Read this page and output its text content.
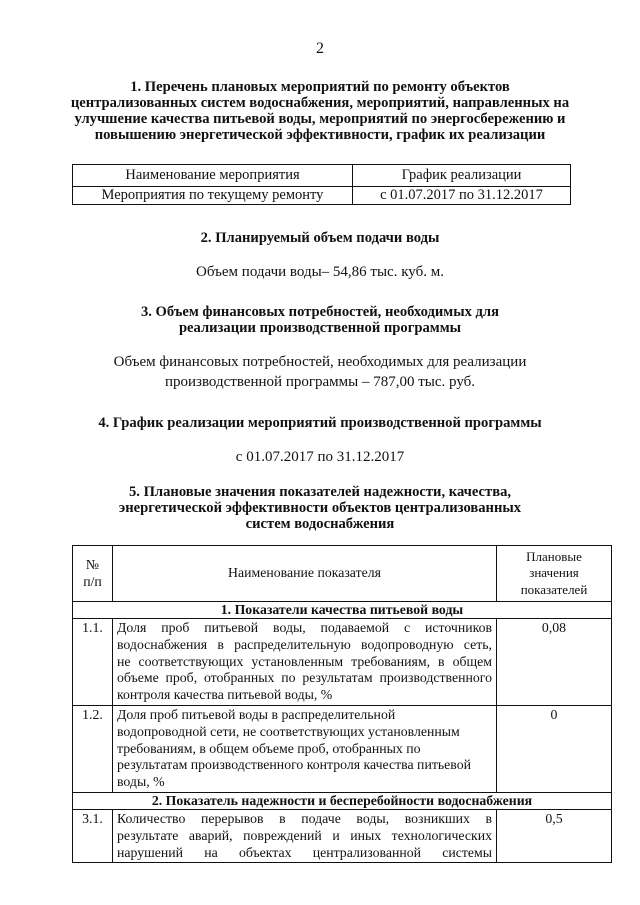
2
1. Перечень плановых мероприятий по ремонту объектов
централизованных систем водоснабжения, мероприятий, направленных на
улучшение качества питьевой воды, мероприятий по энергосбережению и
повышению энергетической эффективности, график их реализации
Наименование мероприятия	График реализации
Мероприятия по текущему ремонту	с 01.07.2017 по 31.12.2017
2. Планируемый объем подачи воды
Объем подачи воды– 54,86 тыс. куб. м.
3. Объем финансовых потребностей, необходимых для
реализации производственной программы
Объем финансовых потребностей, необходимых для реализации
производственной программы – 787,00 тыс. руб.
4. График реализации мероприятий производственной программы
с 01.07.2017 по 31.12.2017
5. Плановые значения показателей надежности, качества,
энергетической эффективности объектов централизованных
систем водоснабжения
№
п/п	Наименование показателя	Плановые
значения
показателей

1. Показатели качества питьевой воды		
1.1.	Доля проб питьевой воды, подаваемой с источников
водоснабжения в распределительную водопроводную сеть,
не соответствующих установленным требованиям, в общем
объеме проб, отобранных по результатам производственного
контроля качества питьевой воды, %	0,08
1.2.	Доля проб питьевой воды в распределительной
водопроводной сети, не соответствующих установленным
требованиям, в общем объеме проб, отобранных по
результатам производственного контроля качества питьевой
воды, %	0
2. Показатель надежности и бесперебойности водоснабжения		
3.1.	Количество перерывов в подаче воды, возникших в
результате аварий, повреждений и иных технологических
нарушений на объектах централизованной системы	0,5
